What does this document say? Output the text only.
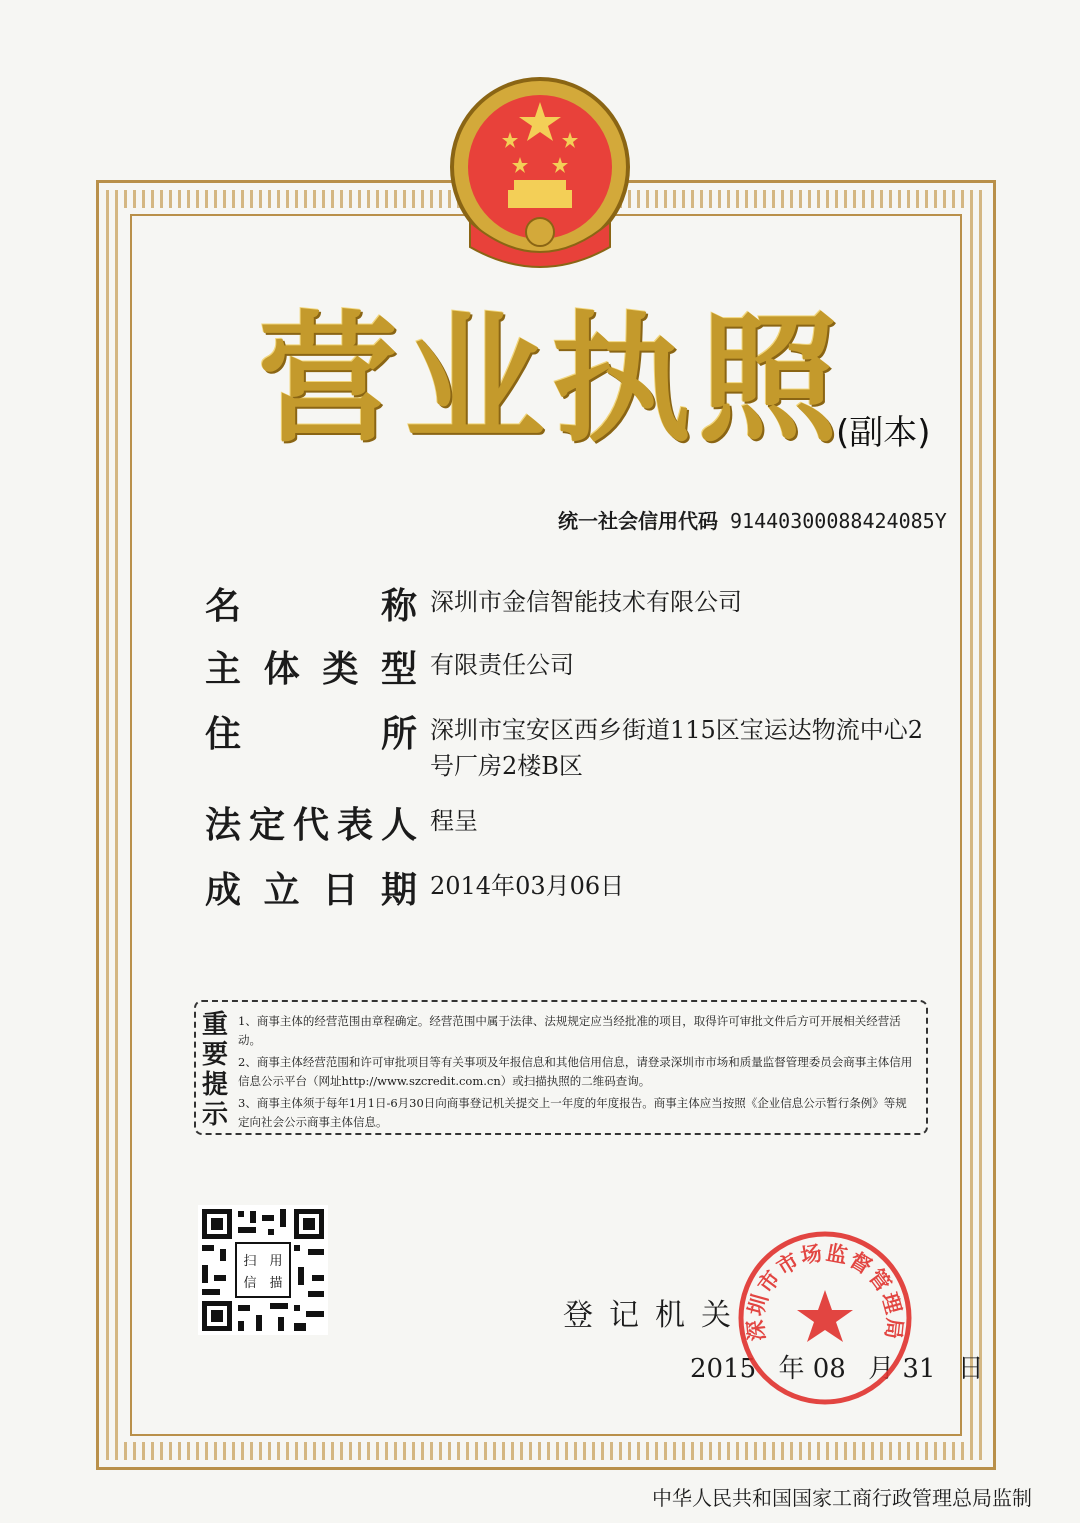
营 业 执 照
(副本)
统一社会信用代码 91440300088424085Y
名	称 深圳市金信智能技术有限公司
主 体 类 型 有限责任公司
住	所 深圳市宝安区西乡街道115区宝运达物流中心2
号厂房2楼B区
法 定 代 表 人 程呈
成 立 日 期 2014年03月06日
重
要
提
示
1、商事主体的经营范围由章程确定。经营范围中属于法律、法规规定应当经批准的项目，取得许可审批文件后方可开展相关经营活动。
2、商事主体经营范围和许可审批项目等有关事项及年报信息和其他信用信息，请登录深圳市市场和质量监督管理委员会商事主体信用信息公示平台（网址http://www.szcredit.com.cn）或扫描执照的二维码查询。
3、商事主体须于每年1月1日-6月30日向商事登记机关提交上一年度的年度报告。商事主体应当按照《企业信息公示暂行条例》等规定向社会公示商事主体信息。
扫 用
信 描
登记机关
2015 年 08 月 31 日
深圳市市场监督管理局
中华人民共和国国家工商行政管理总局监制
